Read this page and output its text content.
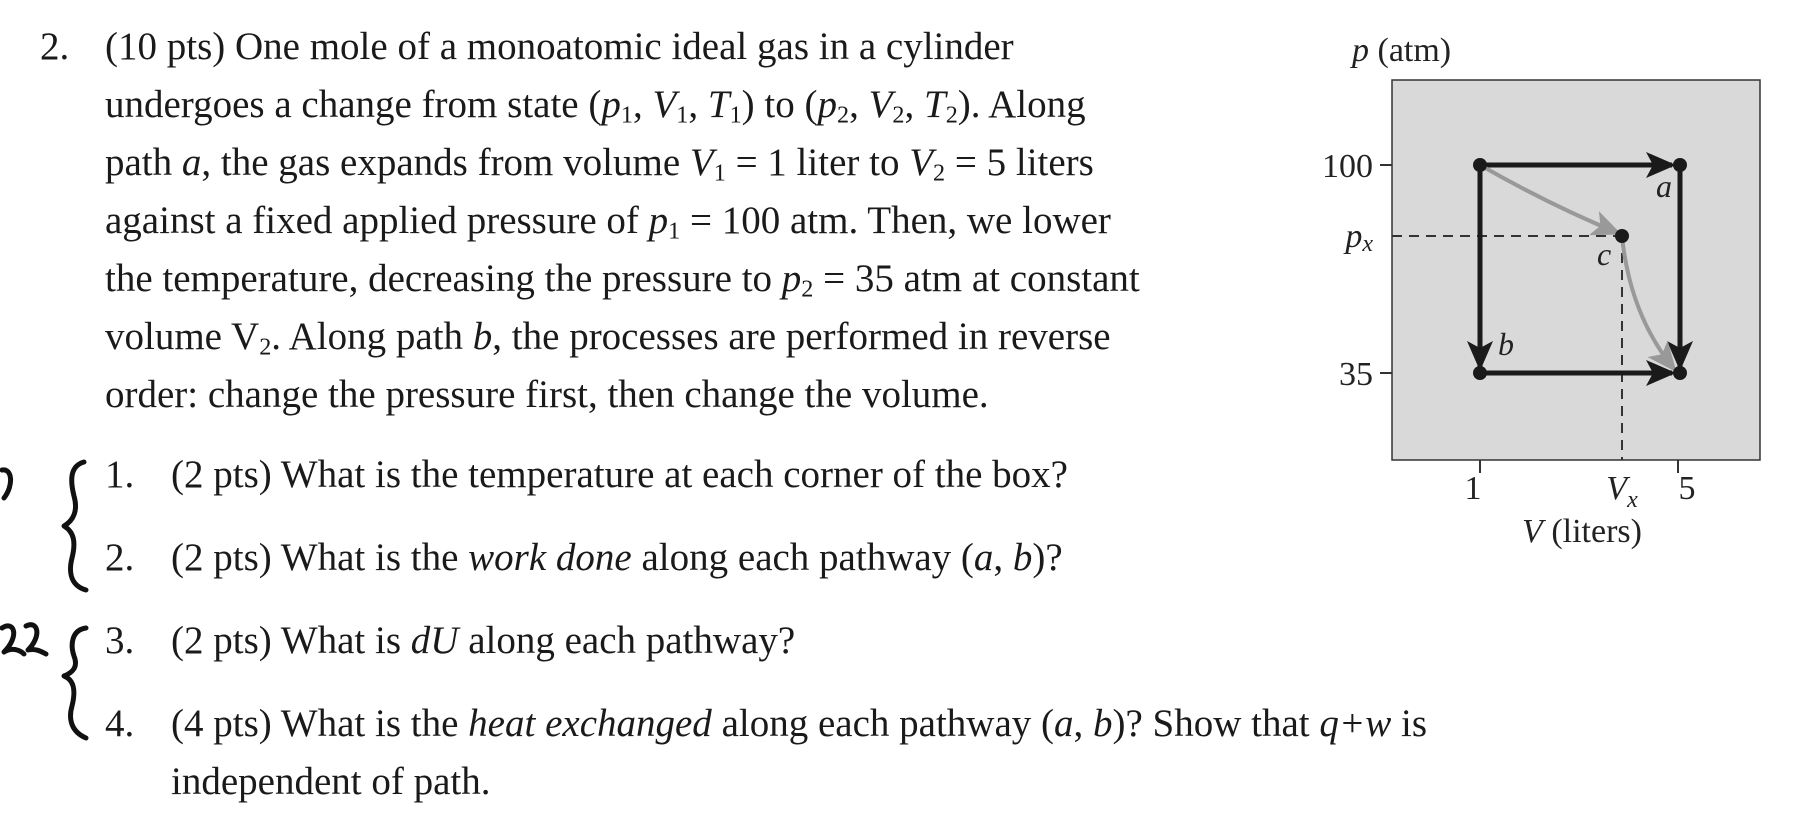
2. (10 pts) One mole of a monoatomic ideal gas in a cylinder
undergoes a change from state ($p_1$, $V_1$, $T_1$) to ($p_2$, $V_2$, $T_2$). Along
path a, the gas expands from volume $V_1 = 1$ liter to $V_2 = 5$ liters
against a fixed applied pressure of $p_1 = 100$ atm. Then, we lower
the temperature, decreasing the pressure to $p_2 = 35$ atm at constant
volume $V_2$. Along path b, the processes are performed in reverse
order: change the pressure first, then change the volume.
1. (2 pts) What is the temperature at each corner of the box?
2. (2 pts) What is the work done along each pathway (a, b)?
3. (2 pts) What is dU along each pathway?
4. (4 pts) What is the heat exchanged along each pathway (a, b)? Show that q+w is
independent of path.
p (atm)
100
px
35
1	$V_x$ 5
V (liters)
a
b
c
